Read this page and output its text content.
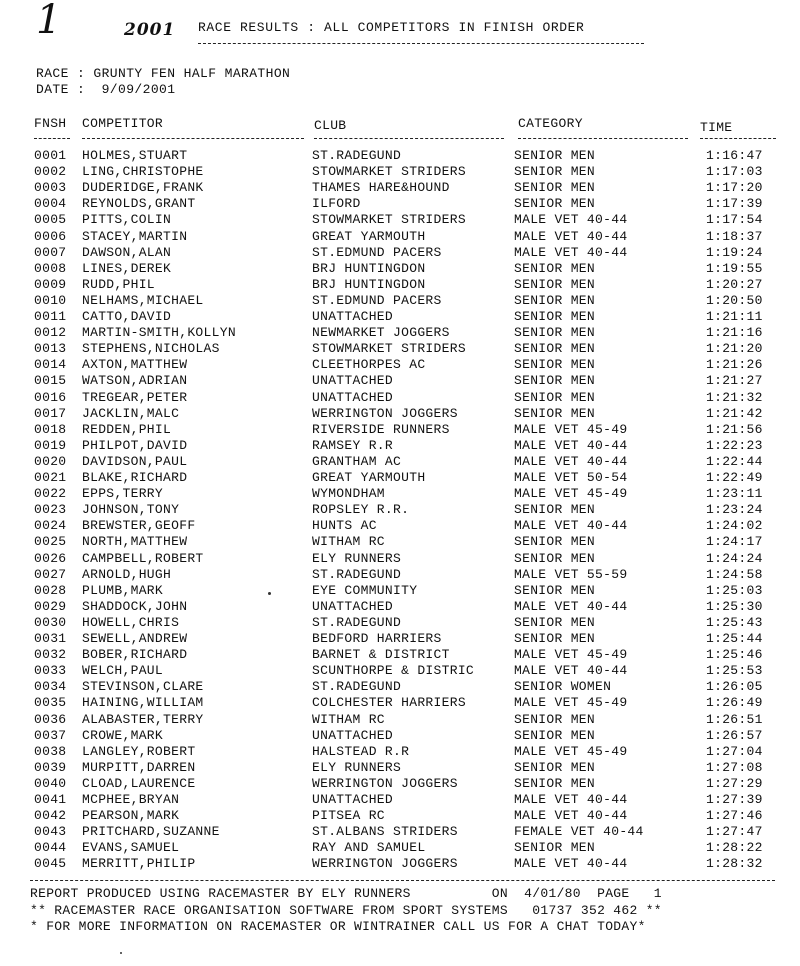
1	2001 RACE RESULTS : ALL COMPETITORS IN FINISH ORDER
RACE : GRUNTY FEN HALF MARATHON
DATE :  9/09/2001
FNSH COMPETITOR	CLUB	CATEGORY	TIME
0001 HOLMES,STUART	ST.RADEGUND	SENIOR MEN	1:16:47
0002 LING,CHRISTOPHE	STOWMARKET STRIDERS	SENIOR MEN	1:17:03
0003 DUDERIDGE,FRANK	THAMES HARE&HOUND	SENIOR MEN	1:17:20
0004 REYNOLDS,GRANT	ILFORD	SENIOR MEN	1:17:39
0005 PITTS,COLIN	STOWMARKET STRIDERS	MALE VET 40-44	1:17:54
0006 STACEY,MARTIN	GREAT YARMOUTH	MALE VET 40-44	1:18:37
0007 DAWSON,ALAN	ST.EDMUND PACERS	MALE VET 40-44	1:19:24
0008 LINES,DEREK	BRJ HUNTINGDON	SENIOR MEN	1:19:55
0009 RUDD,PHIL	BRJ HUNTINGDON	SENIOR MEN	1:20:27
0010 NELHAMS,MICHAEL	ST.EDMUND PACERS	SENIOR MEN	1:20:50
0011 CATTO,DAVID	UNATTACHED	SENIOR MEN	1:21:11
0012 MARTIN-SMITH,KOLLYN	NEWMARKET JOGGERS	SENIOR MEN	1:21:16
0013 STEPHENS,NICHOLAS	STOWMARKET STRIDERS	SENIOR MEN	1:21:20
0014 AXTON,MATTHEW	CLEETHORPES AC	SENIOR MEN	1:21:26
0015 WATSON,ADRIAN	UNATTACHED	SENIOR MEN	1:21:27
0016 TREGEAR,PETER	UNATTACHED	SENIOR MEN	1:21:32
0017 JACKLIN,MALC	WERRINGTON JOGGERS	SENIOR MEN	1:21:42
0018 REDDEN,PHIL	RIVERSIDE RUNNERS	MALE VET 45-49	1:21:56
0019 PHILPOT,DAVID	RAMSEY R.R	MALE VET 40-44	1:22:23
0020 DAVIDSON,PAUL	GRANTHAM AC	MALE VET 40-44	1:22:44
0021 BLAKE,RICHARD	GREAT YARMOUTH	MALE VET 50-54	1:22:49
0022 EPPS,TERRY	WYMONDHAM	MALE VET 45-49	1:23:11
0023 JOHNSON,TONY	ROPSLEY R.R.	SENIOR MEN	1:23:24
0024 BREWSTER,GEOFF	HUNTS AC	MALE VET 40-44	1:24:02
0025 NORTH,MATTHEW	WITHAM RC	SENIOR MEN	1:24:17
0026 CAMPBELL,ROBERT	ELY RUNNERS	SENIOR MEN	1:24:24
0027 ARNOLD,HUGH	ST.RADEGUND	MALE VET 55-59	1:24:58
0028 PLUMB,MARK	EYE COMMUNITY	SENIOR MEN	1:25:03
0029 SHADDOCK,JOHN	UNATTACHED	MALE VET 40-44	1:25:30
0030 HOWELL,CHRIS	ST.RADEGUND	SENIOR MEN	1:25:43
0031 SEWELL,ANDREW	BEDFORD HARRIERS	SENIOR MEN	1:25:44
0032 BOBER,RICHARD	BARNET & DISTRICT	MALE VET 45-49	1:25:46
0033 WELCH,PAUL	SCUNTHORPE & DISTRIC	MALE VET 40-44	1:25:53
0034 STEVINSON,CLARE	ST.RADEGUND	SENIOR WOMEN	1:26:05
0035 HAINING,WILLIAM	COLCHESTER HARRIERS	MALE VET 45-49	1:26:49
0036 ALABASTER,TERRY	WITHAM RC	SENIOR MEN	1:26:51
0037 CROWE,MARK	UNATTACHED	SENIOR MEN	1:26:57
0038 LANGLEY,ROBERT	HALSTEAD R.R	MALE VET 45-49	1:27:04
0039 MURPITT,DARREN	ELY RUNNERS	SENIOR MEN	1:27:08
0040 CLOAD,LAURENCE	WERRINGTON JOGGERS	SENIOR MEN	1:27:29
0041 MCPHEE,BRYAN	UNATTACHED	MALE VET 40-44	1:27:39
0042 PEARSON,MARK	PITSEA RC	MALE VET 40-44	1:27:46
0043 PRITCHARD,SUZANNE	ST.ALBANS STRIDERS	FEMALE VET 40-44	1:27:47
0044 EVANS,SAMUEL	RAY AND SAMUEL	SENIOR MEN	1:28:22
0045 MERRITT,PHILIP	WERRINGTON JOGGERS	MALE VET 40-44	1:28:32
REPORT PRODUCED USING RACEMASTER BY ELY RUNNERS          ON  4/01/80  PAGE   1
** RACEMASTER RACE ORGANISATION SOFTWARE FROM SPORT SYSTEMS   01737 352 462 **
* FOR MORE INFORMATION ON RACEMASTER OR WINTRAINER CALL US FOR A CHAT TODAY*
